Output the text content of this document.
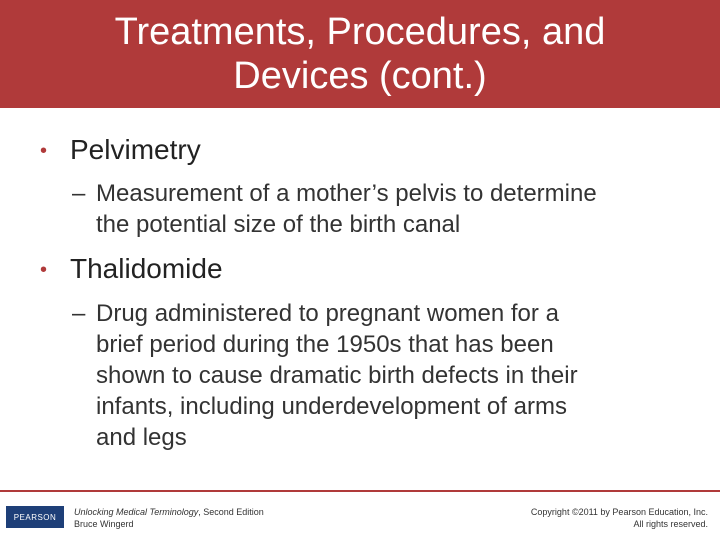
Treatments, Procedures, and
Devices (cont.)
• Pelvimetry
– Measurement of a mother’s pelvis to determine
the potential size of the birth canal
• Thalidomide
– Drug administered to pregnant women for a
brief period during the 1950s that has been
shown to cause dramatic birth defects in their
infants, including underdevelopment of arms
and legs
PEARSON	Unlocking Medical Terminology, Second Edition
Bruce Wingerd
Copyright ©2011 by Pearson Education, Inc.
All rights reserved.
